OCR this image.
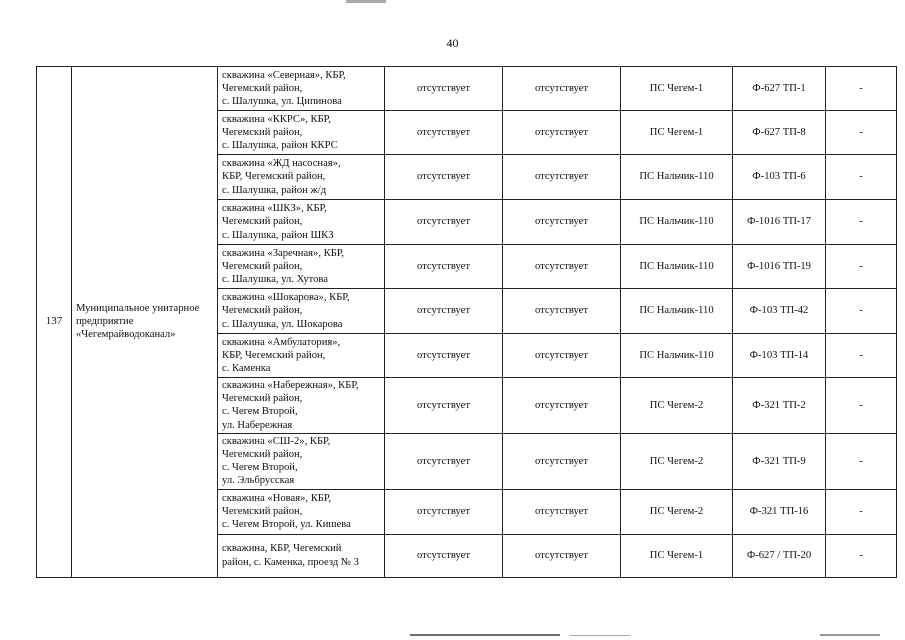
40
137	Муниципальное унитарное предприятие «Чегемрайводоканал»	скважина «Северная», КБР,
Чегемский район,
с. Шалушка, ул. Ципинова	отсутствует	отсутствует	ПС Чегем-1	Ф-627 ТП-1	-
		скважина «ККРС», КБР,
Чегемский район,
с. Шалушка, район ККРС	отсутствует	отсутствует	ПС Чегем-1	Ф-627 ТП-8	-
		скважина «ЖД насосная»,
КБР, Чегемский район,
с. Шалушка, район ж/д	отсутствует	отсутствует	ПС Нальчик-110	Ф-103 ТП-6	-
		скважина «ШКЗ», КБР,
Чегемский район,
с. Шалушка, район ШКЗ	отсутствует	отсутствует	ПС Нальчик-110	Ф-1016 ТП-17	-
		скважина «Заречная», КБР,
Чегемский район,
с. Шалушка, ул. Хутова	отсутствует	отсутствует	ПС Нальчик-110	Ф-1016 ТП-19	-
		скважина «Шокарова», КБР,
Чегемский район,
с. Шалушка, ул. Шокарова	отсутствует	отсутствует	ПС Нальчик-110	Ф-103 ТП-42	-
		скважина «Амбулатория»,
КБР, Чегемский район,
с. Каменка	отсутствует	отсутствует	ПС Нальчик-110	Ф-103 ТП-14	-
		скважина «Набережная», КБР,
Чегемский район,
с. Чегем Второй,
ул. Набережная	отсутствует	отсутствует	ПС Чегем-2	Ф-321 ТП-2	-
		скважина «СШ-2», КБР,
Чегемский район,
с. Чегем Второй,
ул. Эльбрусская	отсутствует	отсутствует	ПС Чегем-2	Ф-321 ТП-9	-
		скважина «Новая», КБР,
Чегемский район,
с. Чегем Второй, ул. Кишева	отсутствует	отсутствует	ПС Чегем-2	Ф-321 ТП-16	-
		скважина, КБР, Чегемский
район, с. Каменка, проезд № 3	отсутствует	отсутствует	ПС Чегем-1	Ф-627 / ТП-20	-
